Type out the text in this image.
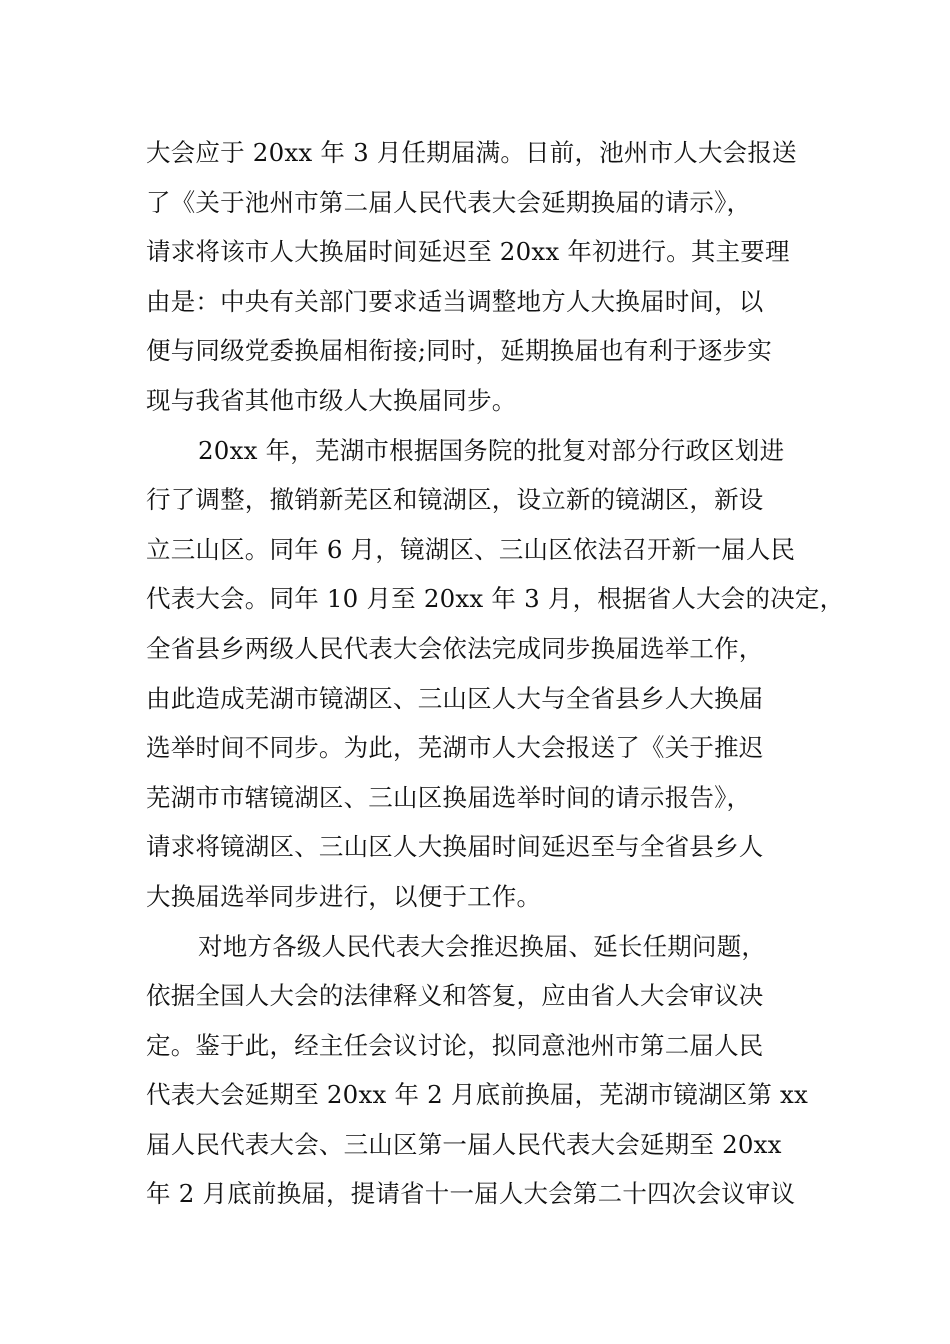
大会应于 20xx 年 3 月任期届满。日前，池州市人大会报送
了《关于池州市第二届人民代表大会延期换届的请示》，
请求将该市人大换届时间延迟至 20xx 年初进行。其主要理
由是：中央有关部门要求适当调整地方人大换届时间，以
便与同级党委换届相衔接;同时，延期换届也有利于逐步实
现与我省其他市级人大换届同步。
20xx 年，芜湖市根据国务院的批复对部分行政区划进
行了调整，撤销新芜区和镜湖区，设立新的镜湖区，新设
立三山区。同年 6 月，镜湖区、三山区依法召开新一届人民
代表大会。同年 10 月至 20xx 年 3 月，根据省人大会的决定，
全省县乡两级人民代表大会依法完成同步换届选举工作，
由此造成芜湖市镜湖区、三山区人大与全省县乡人大换届
选举时间不同步。为此，芜湖市人大会报送了《关于推迟
芜湖市市辖镜湖区、三山区换届选举时间的请示报告》，
请求将镜湖区、三山区人大换届时间延迟至与全省县乡人
大换届选举同步进行，以便于工作。
对地方各级人民代表大会推迟换届、延长任期问题，
依据全国人大会的法律释义和答复，应由省人大会审议决
定。鉴于此，经主任会议讨论，拟同意池州市第二届人民
代表大会延期至 20xx 年 2 月底前换届，芜湖市镜湖区第 xx
届人民代表大会、三山区第一届人民代表大会延期至 20xx
年 2 月底前换届，提请省十一届人大会第二十四次会议审议
